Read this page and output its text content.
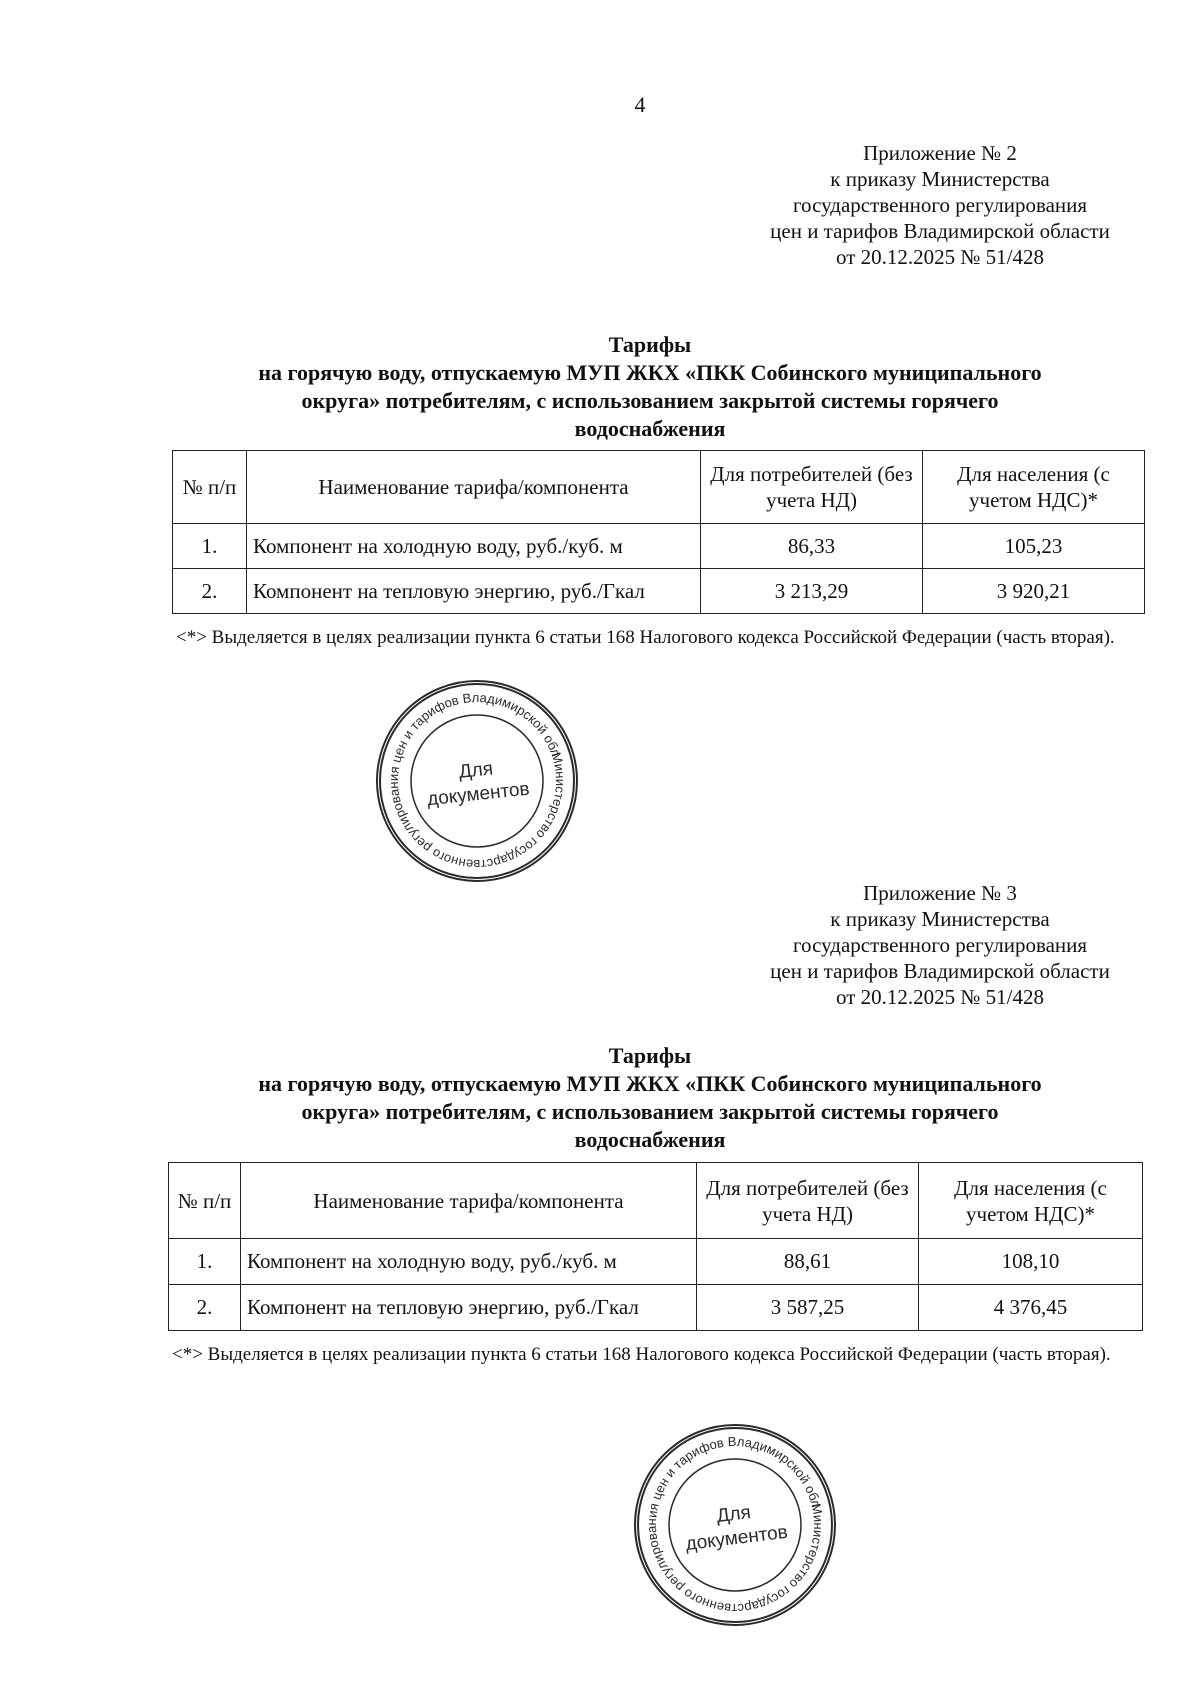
4
Приложение № 2
к приказу Министерства
государственного регулирования
цен и тарифов Владимирской области
от 20.12.2025 № 51/428
Тарифы
на горячую воду, отпускаемую МУП ЖКХ «ПКК Собинского муниципального
округа» потребителям, с использованием закрытой системы горячего
водоснабжения
№ п/п	Наименование тарифа/компонента	Для потребителей (без учета НД)	Для населения (с учетом НДС)*
1.	Компонент на холодную воду, руб./куб. м	86,33	105,23
2.	Компонент на тепловую энергию, руб./Гкал	3 213,29	3 920,21
<*> Выделяется в целях реализации пункта 6 статьи 168 Налогового кодекса Российской Федерации (часть вторая).
Министерство государственного регулирования цен и тарифов Владимирской области
Для
документов
Приложение № 3
к приказу Министерства
государственного регулирования
цен и тарифов Владимирской области
от 20.12.2025 № 51/428
Тарифы
на горячую воду, отпускаемую МУП ЖКХ «ПКК Собинского муниципального
округа» потребителям, с использованием закрытой системы горячего
водоснабжения
№ п/п	Наименование тарифа/компонента	Для потребителей (без учета НД)	Для населения (с учетом НДС)*
1.	Компонент на холодную воду, руб./куб. м	88,61	108,10
2.	Компонент на тепловую энергию, руб./Гкал	3 587,25	4 376,45
<*> Выделяется в целях реализации пункта 6 статьи 168 Налогового кодекса Российской Федерации (часть вторая).
Министерство государственного регулирования цен и тарифов Владимирской области
Для
документов
